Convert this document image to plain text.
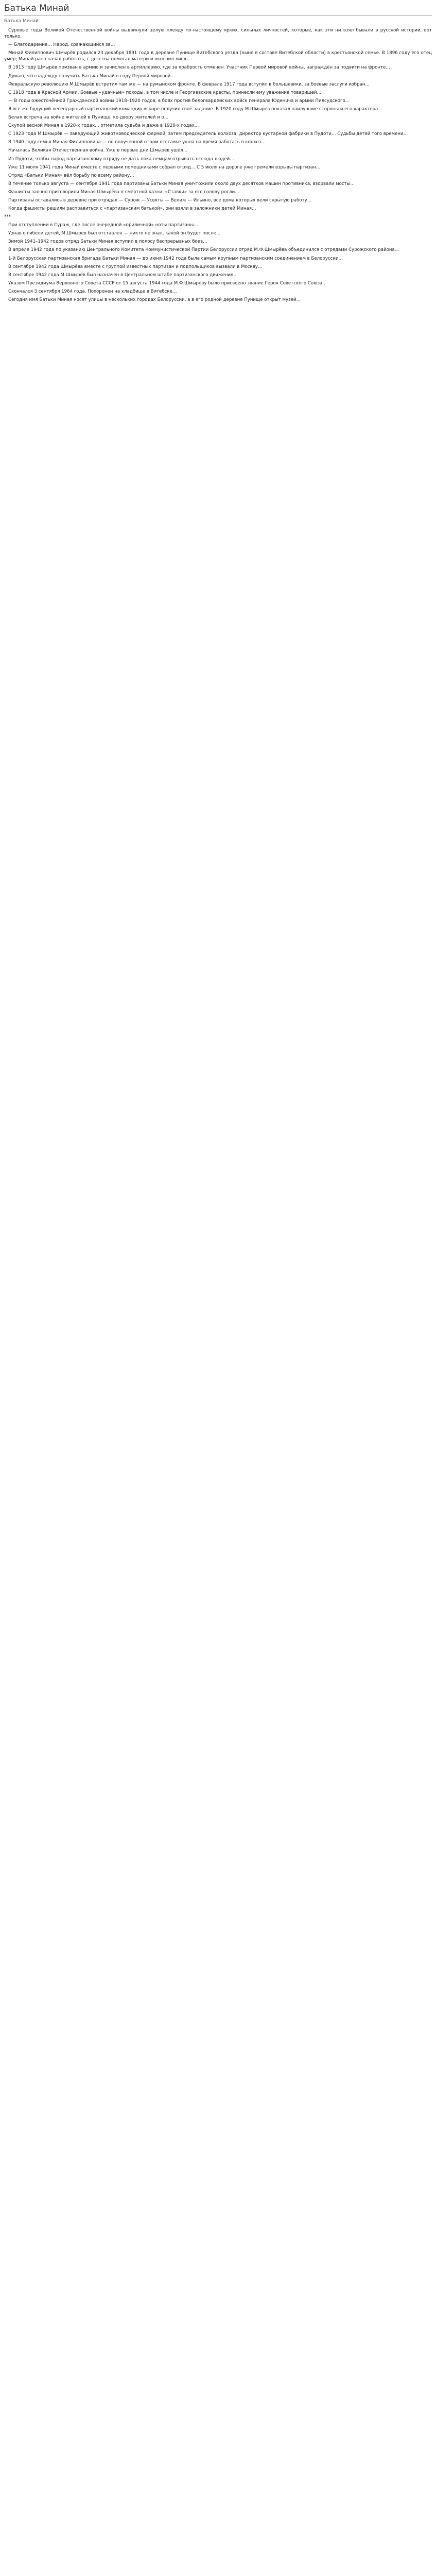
Батька Минай
Батька Минай

Суровые годы Великой Отечественной войны выдвинули целую плеяду по-настоящему ярких, сильных личностей, которые, как эти ни взял бывали в русской истории, вот только.

— Благодарение… Народ, сражающийся за…

Минай Филиппович Шмырёв родился 23 декабря 1891 года в деревне Пунище Витебского уезда (ныне в составе Витебской области) в крестьянской семье. В 1896 году его отец умер; Минай рано начал работать, с детства помогал матери и окончил лишь…

В 1913 году Шмырёв призван в армию и зачислен в артиллерию, где за храбрость отмечен. Участник Первой мировой войны, награждён за подвиги на фронте…

Думаю, что надежду получить Батька Минай в году Первой мировой…

Февральскую революцию М.Шмырёв встретил там же — на румынском фронте. В феврале 1917 года вступил в большевики, за боевые заслуги избран…

С 1918 года в Красной Армии. Боевые «удачные» походы, в том числе и Георгиевские кресты, принесли ему уважение товарищей…

— В годы ожесточённой Гражданской войны 1918–1920 годов, в боях против белогвардейских войск генерала Юденича и армии Пилсудского…

Я все же будущий легендарный партизанский командир вскоре получил своё задание. В 1920 году М.Шмырёв показал наилучшие стороны и его характера…

Белая встреча на войне жителей в Пунище, ко двору жителей и о…

Скупой весной Миная в 1920-х годах… отметила судьба и даже в 1920-х годах…

С 1923 года М.Шмырёв — заведующий животноводческой фермой, затем председатель колхоза, директор кустарной фабрики в Пудоти… Судьбы детей того времени…

В 1940 году семья Миная Филипповича — по полученной отцом отставке ушла на время работать в колхоз…

Началась Великая Отечественная война. Уже в первые дни Шмырёв ушёл…

Из Пудоти, чтобы народ партизанскому отряду не дать пока немцам отрывать отсюда людей…

Уже 11 июля 1941 года Минай вместе с первыми помощниками собрал отряд… С 5 июля на дороге уже гремели взрывы партизан…

Отряд «Батьки Миная» вёл борьбу по всему району…

В течение только августа — сентября 1941 года партизаны Батьки Миная уничтожили около двух десятков машин противника, взорвали мосты…

Фашисты заочно приговорили Миная Шмырёва к смертной казни. «Ставки» за его голову росли…

Партизаны оставались в деревне при отрядах — Сурож — Усвяты — Велиж — Ильино, все дома которых вели скрытую работу…

Когда фашисты решили расправиться с «партизанским батькой», они взяли в заложники детей Миная…

***

При отступлении в Сураж, где после очередной «приличной» ноты партизаны…

Узнав о гибели детей, М.Шмырёв был отставлен — никто не знал, какой он будет после…

Зимой 1941–1942 годов отряд Батьки Миная вступил в полосу беспрерывных боев…

В апреле 1942 года по указанию Центрального Комитета Коммунистической Партии Белоруссии отряд М.Ф.Шмырёва объединился с отрядами Сурожского района…

1-й Белорусская партизанская бригада Батьки Миная — до июня 1942 года была самым крупным партизанским соединением в Белоруссии…

В сентябре 1942 года Шмырёва вместе с группой известных партизан и подпольщиков вызвали в Москву…

В сентябре 1942 года М.Шмырёв был назначен в Центральном штабе партизанского движения…

Указом Президиума Верховного Совета СССР от 15 августа 1944 года М.Ф.Шмырёву было присвоено звание Героя Советского Союза…

Скончался 3 сентября 1964 года. Похоронен на кладбище в Витебске…

Сегодня имя Батьки Миная носят улицы в нескольких городах Белоруссии, а в его родной деревне Пунище открыт музей…
